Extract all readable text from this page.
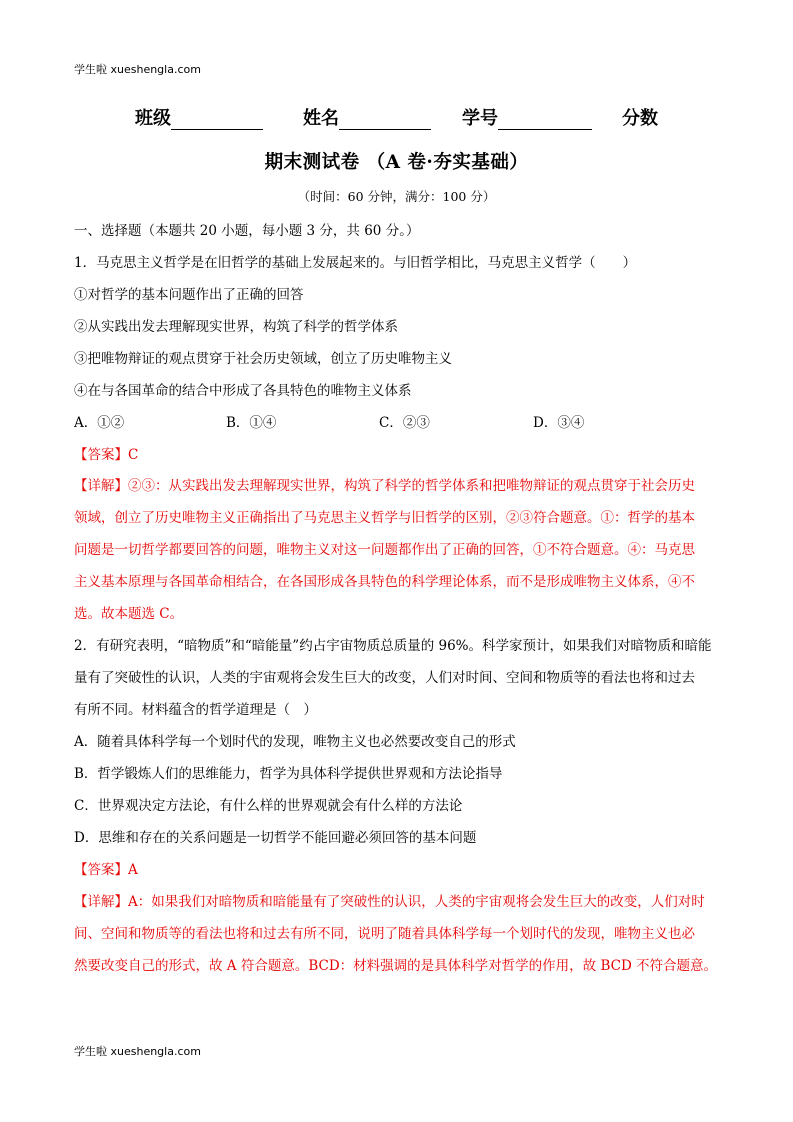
学生啦 xueshengla.com
班级	姓名	学号	分数
期末测试卷 （A 卷·夯实基础）
（时间：60 分钟，满分：100 分）
一、选择题（本题共 20 小题，每小题 3 分，共 60 分。）
1．马克思主义哲学是在旧哲学的基础上发展起来的。与旧哲学相比，马克思主义哲学（　　）
①对哲学的基本问题作出了正确的回答
②从实践出发去理解现实世界，构筑了科学的哲学体系
③把唯物辩证的观点贯穿于社会历史领域，创立了历史唯物主义
④在与各国革命的结合中形成了各具特色的唯物主义体系
A．①②	B．①④	C．②③	D．③④
【答案】C
【详解】②③：从实践出发去理解现实世界，构筑了科学的哲学体系和把唯物辩证的观点贯穿于社会历史
领域，创立了历史唯物主义正确指出了马克思主义哲学与旧哲学的区别，②③符合题意。①：哲学的基本
问题是一切哲学都要回答的问题，唯物主义对这一问题都作出了正确的回答，①不符合题意。④：马克思
主义基本原理与各国革命相结合，在各国形成各具特色的科学理论体系，而不是形成唯物主义体系，④不
选。故本题选 C。
2．有研究表明，“暗物质”和“暗能量”约占宇宙物质总质量的 96%。科学家预计，如果我们对暗物质和暗能
量有了突破性的认识，人类的宇宙观将会发生巨大的改变，人们对时间、空间和物质等的看法也将和过去
有所不同。材料蕴含的哲学道理是（　）
A．随着具体科学每一个划时代的发现，唯物主义也必然要改变自己的形式
B．哲学锻炼人们的思维能力，哲学为具体科学提供世界观和方法论指导
C．世界观决定方法论，有什么样的世界观就会有什么样的方法论
D．思维和存在的关系问题是一切哲学不能回避必须回答的基本问题
【答案】A
【详解】A：如果我们对暗物质和暗能量有了突破性的认识，人类的宇宙观将会发生巨大的改变，人们对时
间、空间和物质等的看法也将和过去有所不同，说明了随着具体科学每一个划时代的发现，唯物主义也必
然要改变自己的形式，故 A 符合题意。BCD：材料强调的是具体科学对哲学的作用，故 BCD 不符合题意。
学生啦 xueshengla.com
